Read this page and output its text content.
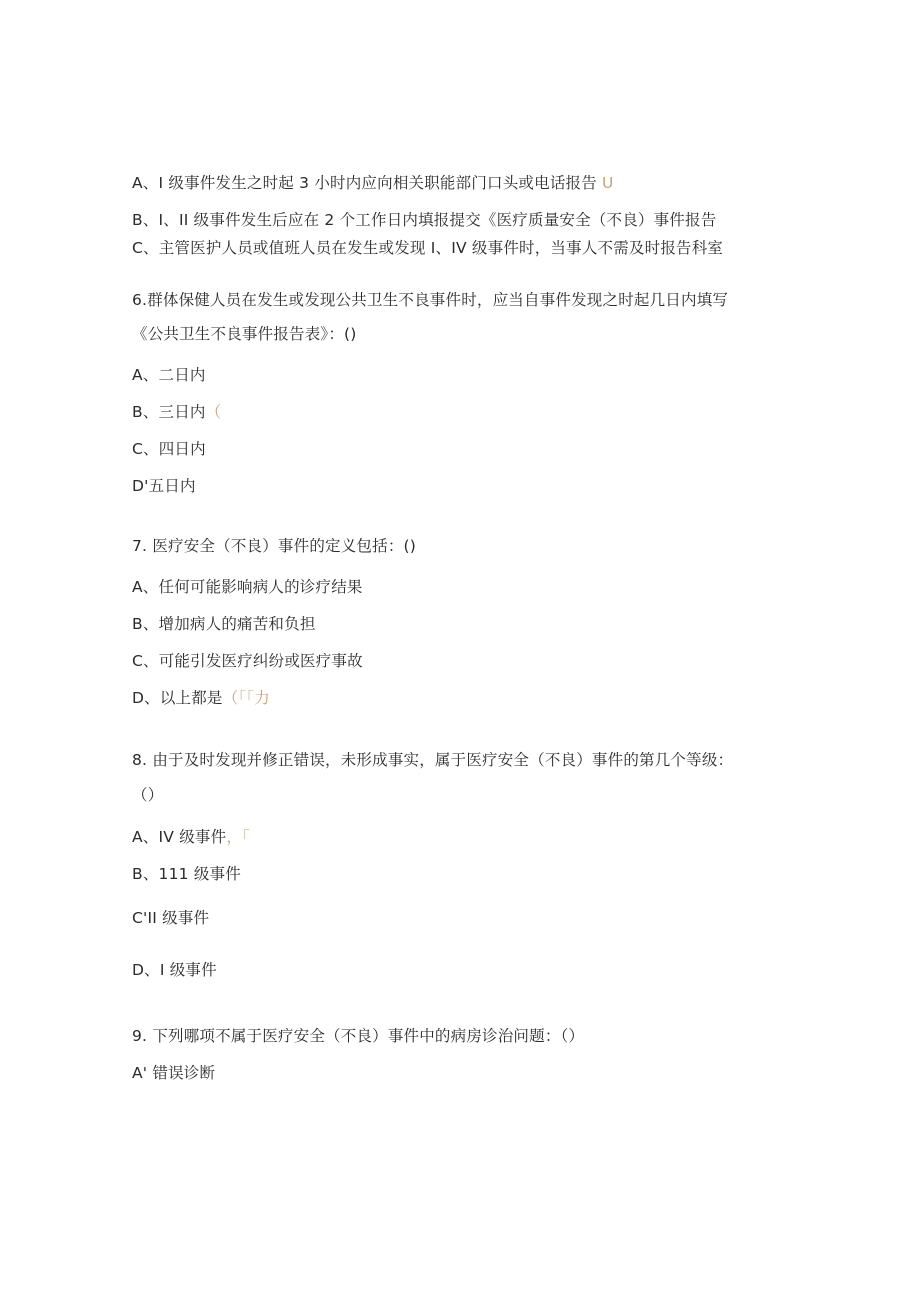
A、I 级事件发生之时起 3 小时内应向相关职能部门口头或电话报告 U
B、I、II 级事件发生后应在 2 个工作日内填报提交《医疗质量安全（不良）事件报告
C、主管医护人员或值班人员在发生或发现 I、IV 级事件时，当事人不需及时报告科室
6.群体保健人员在发生或发现公共卫生不良事件时，应当自事件发现之时起几日内填写
《公共卫生不良事件报告表》：()
A、二日内
B、三日内（
C、四日内
D'五日内
7. 医疗安全（不良）事件的定义包括：()
A、任何可能影响病人的诊疗结果
B、增加病人的痛苦和负担
C、可能引发医疗纠纷或医疗事故
D、以上都是（「「力
8. 由于及时发现并修正错误，未形成事实，属于医疗安全（不良）事件的第几个等级：
（）
A、IV 级事件，「
B、111 级事件
C'II 级事件
D、I 级事件
9. 下列哪项不属于医疗安全（不良）事件中的病房诊治问题：（）
A' 错误诊断
